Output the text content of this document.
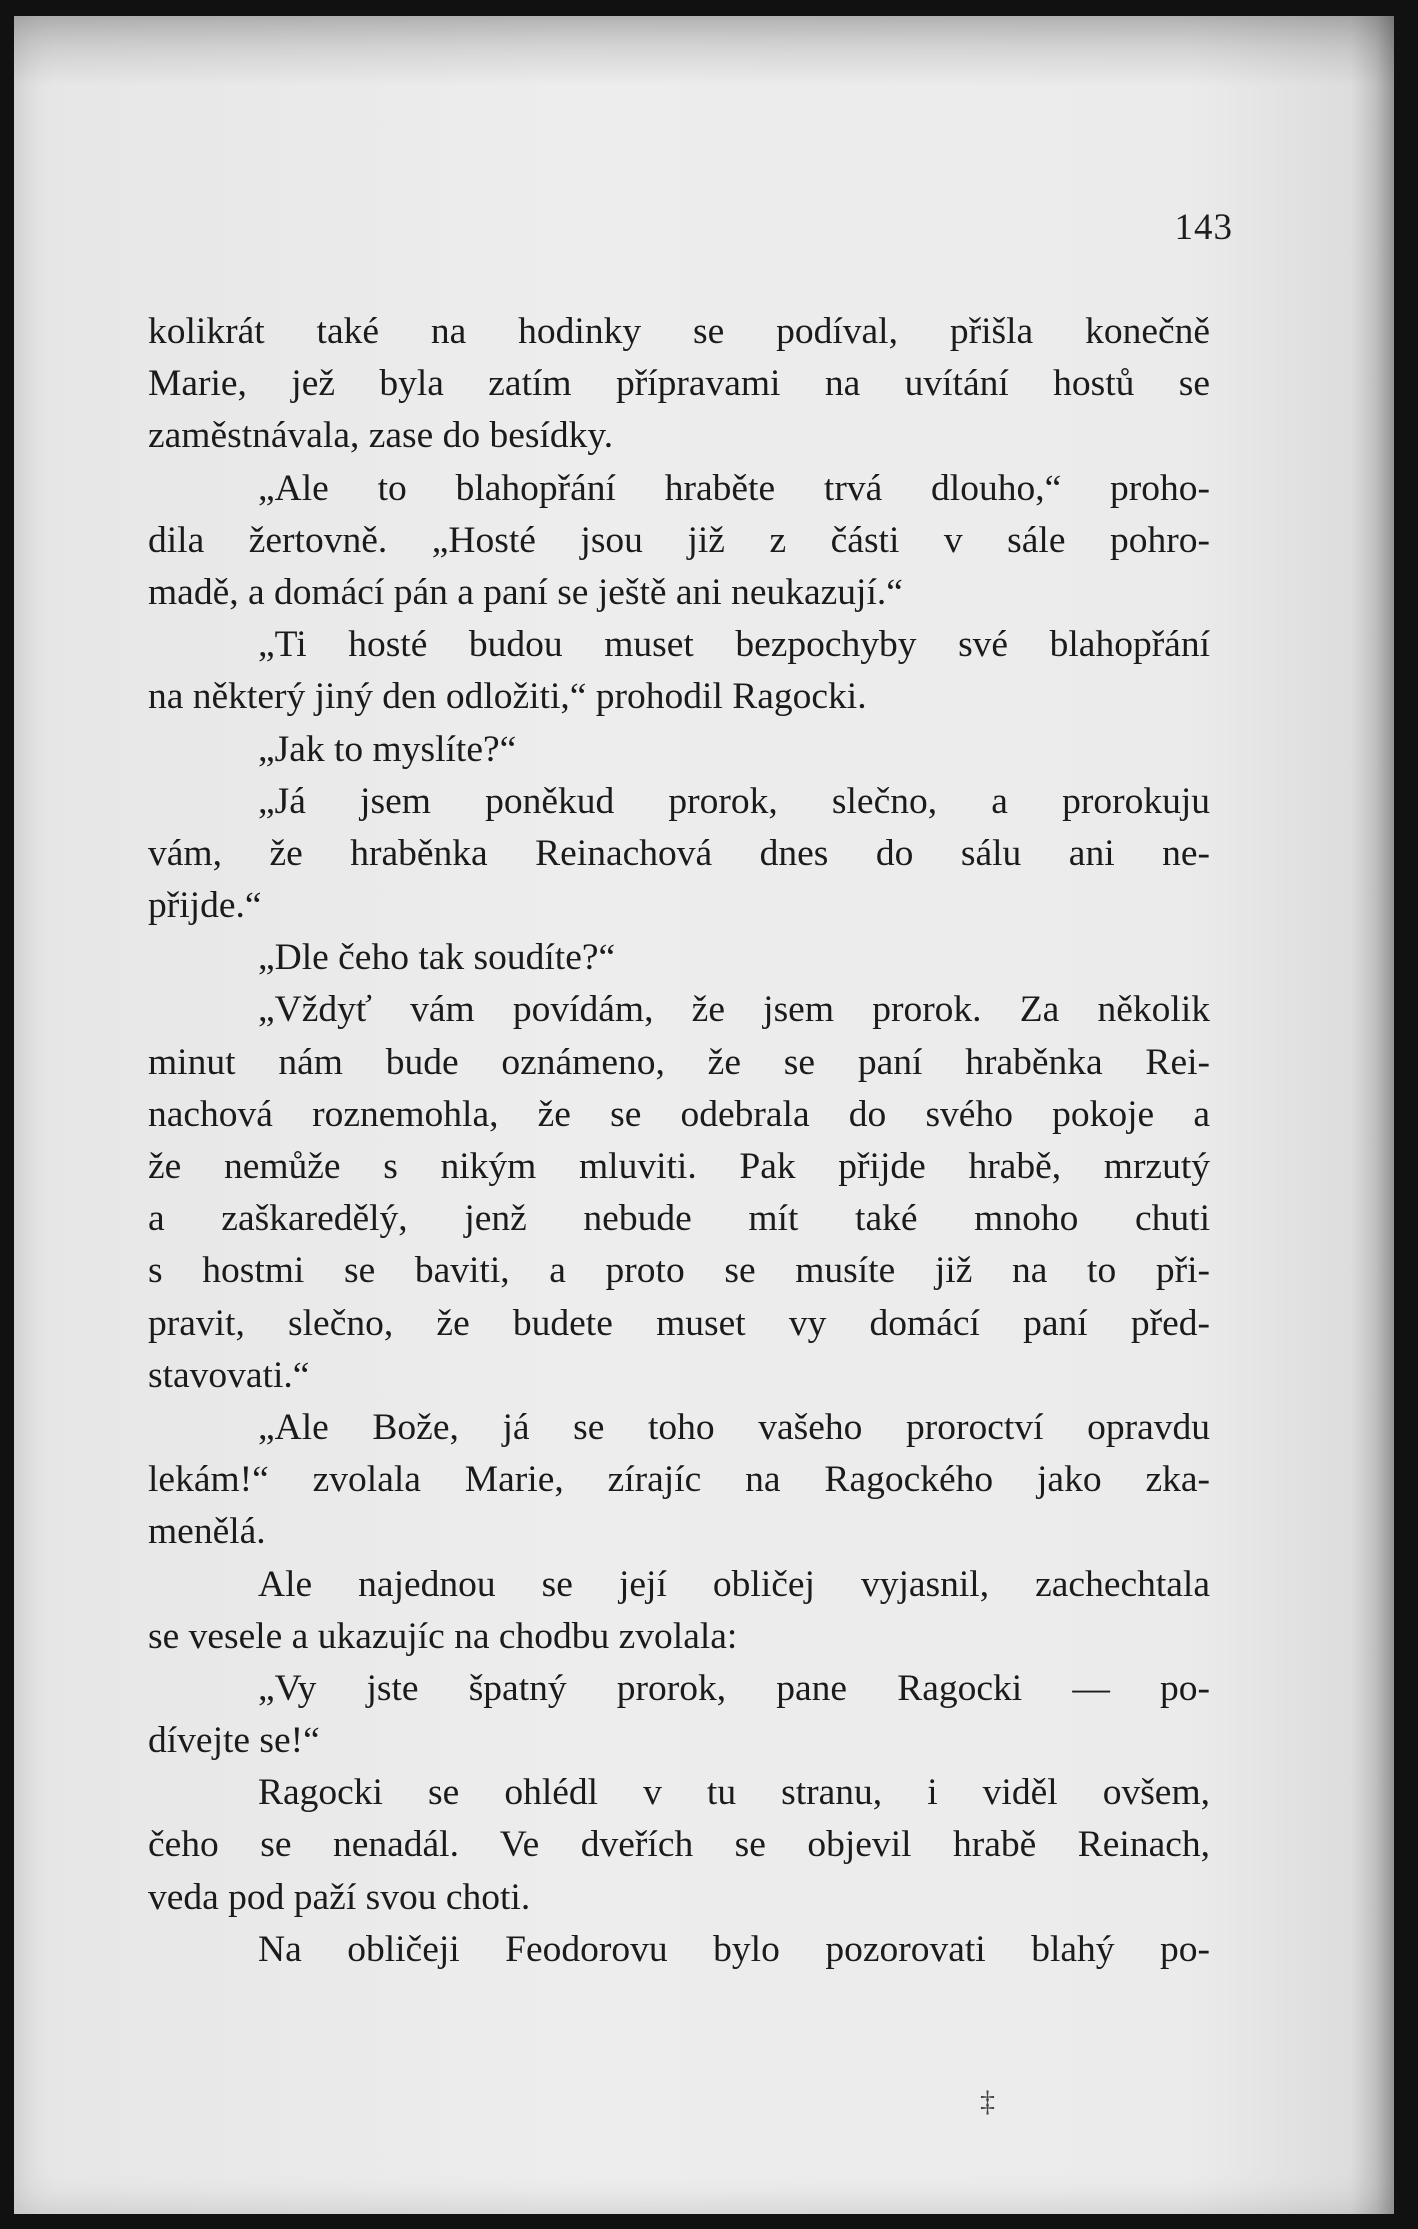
143
kolikrát také na hodinky se podíval, přišla konečně
Marie, jež byla zatím přípravami na uvítání hostů se
zaměstnávala, zase do besídky.
„Ale to blahopřání hraběte trvá dlouho,“ proho-
dila žertovně. „Hosté jsou již z části v sále pohro-
madě, a domácí pán a paní se ještě ani neukazují.“
„Ti hosté budou muset bezpochyby své blahopřání
na některý jiný den odložiti,“ prohodil Ragocki.
„Jak to myslíte?“
„Já jsem poněkud prorok, slečno, a prorokuju
vám, že hraběnka Reinachová dnes do sálu ani ne-
přijde.“
„Dle čeho tak soudíte?“
„Vždyť vám povídám, že jsem prorok. Za několik
minut nám bude oznámeno, že se paní hraběnka Rei-
nachová roznemohla, že se odebrala do svého pokoje a
že nemůže s nikým mluviti. Pak přijde hrabě, mrzutý
a zaškaredělý, jenž nebude mít také mnoho chuti
s hostmi se baviti, a proto se musíte již na to při-
pravit, slečno, že budete muset vy domácí paní před-
stavovati.“
„Ale Bože, já se toho vašeho proroctví opravdu
lekám!“ zvolala Marie, zírajíc na Ragockého jako zka-
menělá.
Ale najednou se její obličej vyjasnil, zachechtala
se vesele a ukazujíc na chodbu zvolala:
„Vy jste špatný prorok, pane Ragocki — po-
dívejte se!“
Ragocki se ohlédl v tu stranu, i viděl ovšem,
čeho se nenadál. Ve dveřích se objevil hrabě Reinach,
veda pod paží svou choti.
Na obličeji Feodorovu bylo pozorovati blahý po-
‡
